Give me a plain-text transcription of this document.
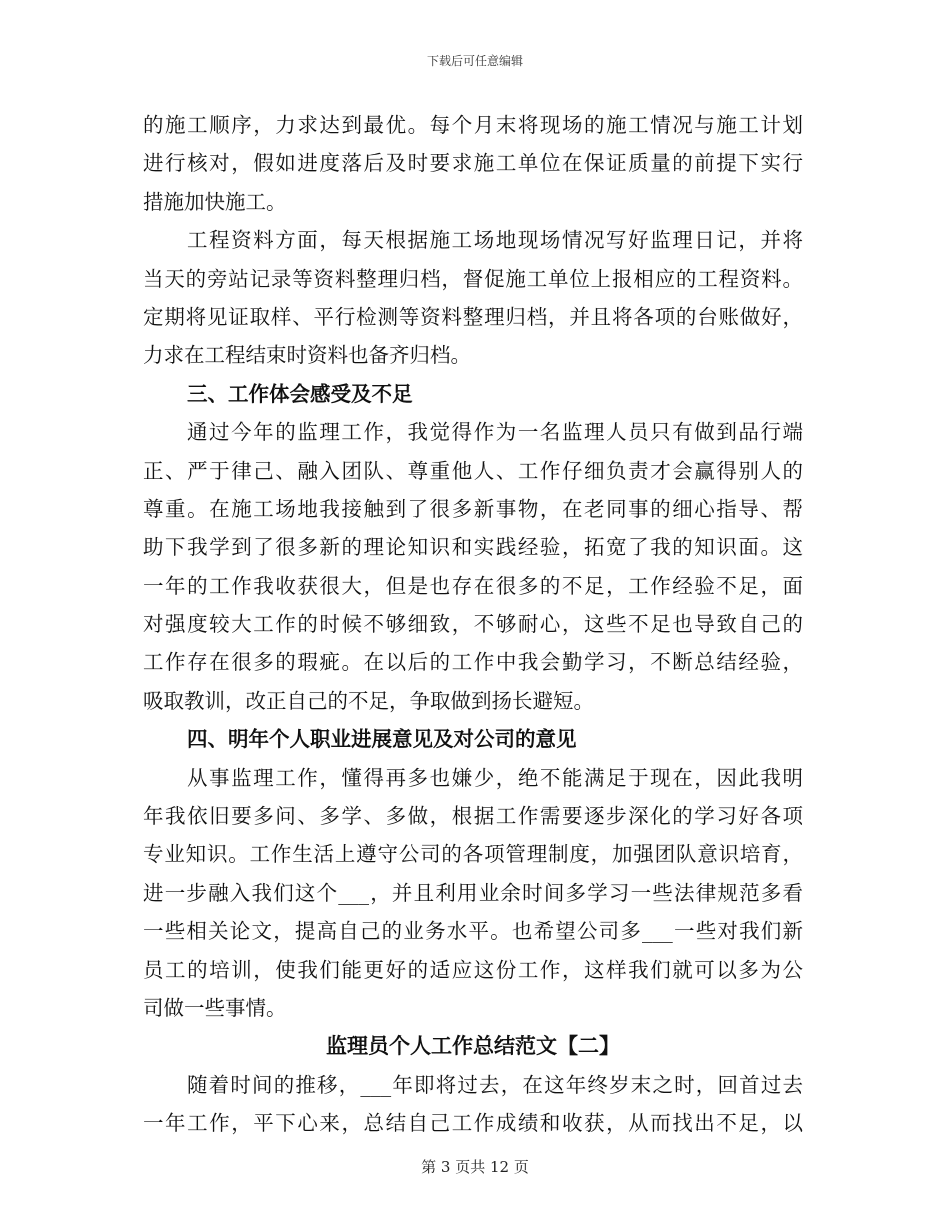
下载后可任意编辑
的施工顺序，力求达到最优。每个月末将现场的施工情况与施工计划
进行核对，假如进度落后及时要求施工单位在保证质量的前提下实行
措施加快施工。
工程资料方面，每天根据施工场地现场情况写好监理日记，并将
当天的旁站记录等资料整理归档，督促施工单位上报相应的工程资料。
定期将见证取样、平行检测等资料整理归档，并且将各项的台账做好，
力求在工程结束时资料也备齐归档。
三、工作体会感受及不足
通过今年的监理工作，我觉得作为一名监理人员只有做到品行端
正、严于律己、融入团队、尊重他人、工作仔细负责才会赢得别人的
尊重。在施工场地我接触到了很多新事物，在老同事的细心指导、帮
助下我学到了很多新的理论知识和实践经验，拓宽了我的知识面。这
一年的工作我收获很大，但是也存在很多的不足，工作经验不足，面
对强度较大工作的时候不够细致，不够耐心，这些不足也导致自己的
工作存在很多的瑕疵。在以后的工作中我会勤学习，不断总结经验，
吸取教训，改正自己的不足，争取做到扬长避短。
四、明年个人职业进展意见及对公司的意见
从事监理工作，懂得再多也嫌少，绝不能满足于现在，因此我明
年我依旧要多问、多学、多做，根据工作需要逐步深化的学习好各项
专业知识。工作生活上遵守公司的各项管理制度，加强团队意识培育，
进一步融入我们这个___，并且利用业余时间多学习一些法律规范多看
一些相关论文，提高自己的业务水平。也希望公司多___一些对我们新
员工的培训，使我们能更好的适应这份工作，这样我们就可以多为公
司做一些事情。
监理员个人工作总结范文【二】
随着时间的推移，___年即将过去，在这年终岁末之时，回首过去
一年工作，平下心来，总结自己工作成绩和收获，从而找出不足，以
第 3 页共 12 页
